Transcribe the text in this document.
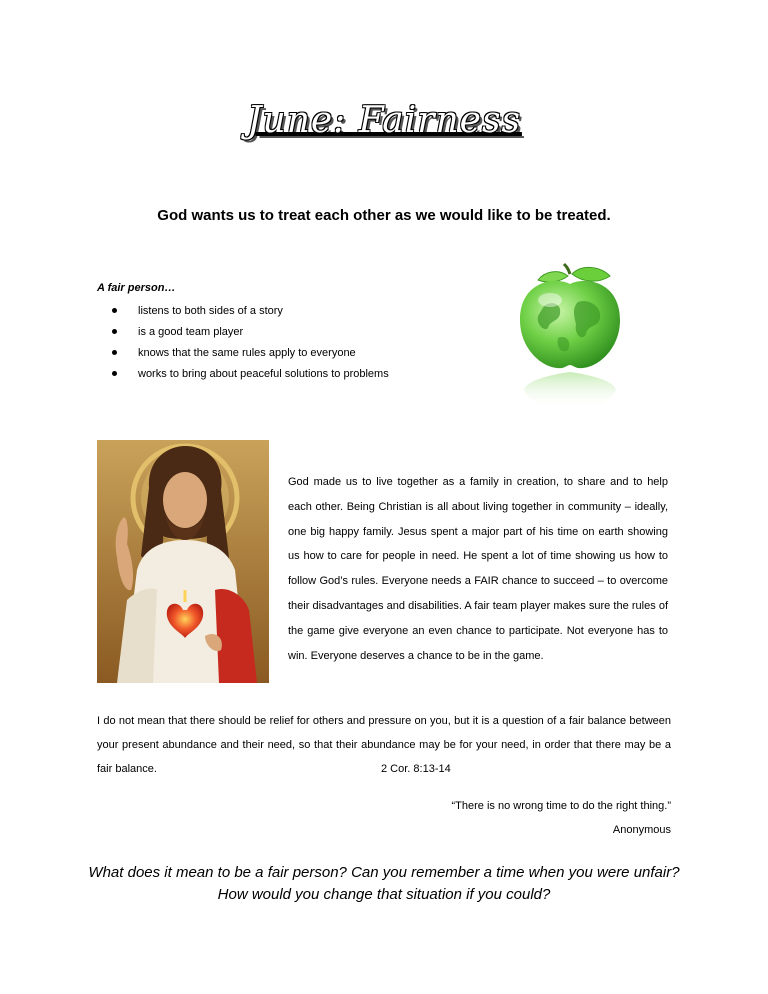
June: Fairness
God wants us to treat each other as we would like to be treated.
A fair person…
listens to both sides of a story
is a good team player
knows that the same rules apply to everyone
works to bring about peaceful solutions to problems
God made us to live together as a family in creation, to share and to help each other. Being Christian is all about living together in community – ideally, one big happy family. Jesus spent a major part of his time on earth showing us how to care for people in need. He spent a lot of time showing us how to follow God’s rules. Everyone needs a FAIR chance to succeed – to overcome their disadvantages and disabilities. A fair team player makes sure the rules of the game give everyone an even chance to participate. Not everyone has to win. Everyone deserves a chance to be in the game.
I do not mean that there should be relief for others and pressure on you, but it is a question of a fair balance between your present abundance and their need, so that their abundance may be for your need, in order that there may be a fair balance.	2 Cor. 8:13-14
“There is no wrong time to do the right thing.”
Anonymous
What does it mean to be a fair person? Can you remember a time when you were unfair?
How would you change that situation if you could?
